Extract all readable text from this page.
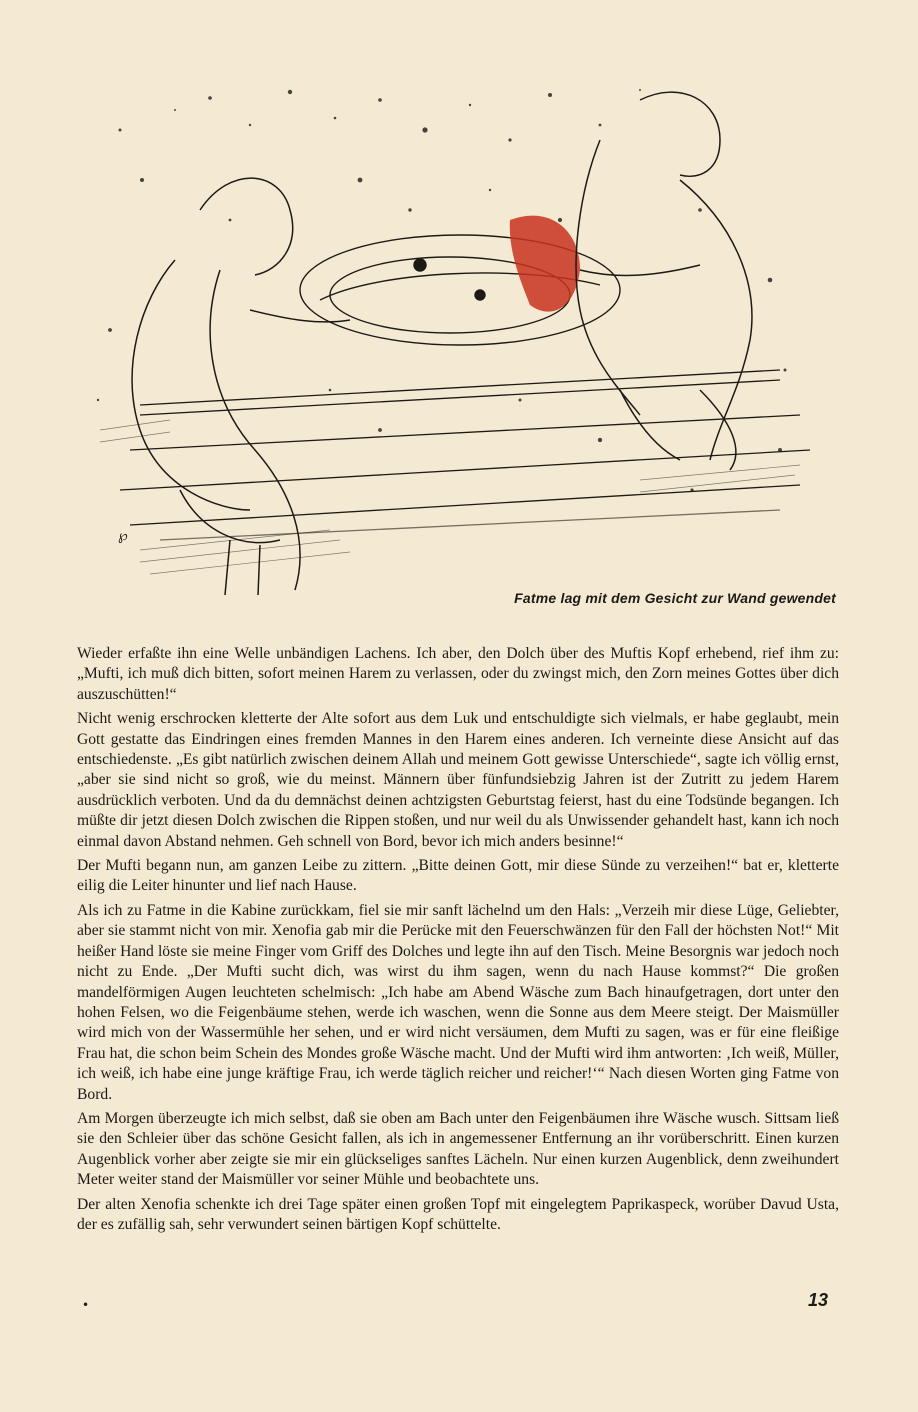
℘
Fatme lag mit dem Gesicht zur Wand gewendet

Wieder erfaßte ihn eine Welle unbändigen Lachens. Ich aber, den Dolch über des Muftis Kopf erhebend, rief ihm zu: „Mufti, ich muß dich bitten, sofort meinen Harem zu verlassen, oder du zwingst mich, den Zorn meines Gottes über dich auszuschütten!“

Nicht wenig erschrocken kletterte der Alte sofort aus dem Luk und entschuldigte sich vielmals, er habe geglaubt, mein Gott gestatte das Eindringen eines fremden Mannes in den Harem eines anderen. Ich verneinte diese Ansicht auf das entschiedenste. „Es gibt natürlich zwischen deinem Allah und meinem Gott gewisse Unterschiede“, sagte ich völlig ernst, „aber sie sind nicht so groß, wie du meinst. Männern über fünfundsiebzig Jahren ist der Zutritt zu jedem Harem ausdrücklich verboten. Und da du demnächst deinen achtzigsten Geburtstag feierst, hast du eine Todsünde begangen. Ich müßte dir jetzt diesen Dolch zwischen die Rippen stoßen, und nur weil du als Unwissender gehandelt hast, kann ich noch einmal davon Abstand nehmen. Geh schnell von Bord, bevor ich mich anders besinne!“

Der Mufti begann nun, am ganzen Leibe zu zittern. „Bitte deinen Gott, mir diese Sünde zu verzeihen!“ bat er, kletterte eilig die Leiter hinunter und lief nach Hause.

Als ich zu Fatme in die Kabine zurückkam, fiel sie mir sanft lächelnd um den Hals: „Verzeih mir diese Lüge, Geliebter, aber sie stammt nicht von mir. Xenofia gab mir die Perücke mit den Feuerschwänzen für den Fall der höchsten Not!“ Mit heißer Hand löste sie meine Finger vom Griff des Dolches und legte ihn auf den Tisch. Meine Besorgnis war jedoch noch nicht zu Ende. „Der Mufti sucht dich, was wirst du ihm sagen, wenn du nach Hause kommst?“ Die großen mandelförmigen Augen leuchteten schelmisch: „Ich habe am Abend Wäsche zum Bach hinaufgetragen, dort unter den hohen Felsen, wo die Feigenbäume stehen, werde ich waschen, wenn die Sonne aus dem Meere steigt. Der Maismüller wird mich von der Wassermühle her sehen, und er wird nicht versäumen, dem Mufti zu sagen, was er für eine fleißige Frau hat, die schon beim Schein des Mondes große Wäsche macht. Und der Mufti wird ihm antworten: ‚Ich weiß, Müller, ich weiß, ich habe eine junge kräftige Frau, ich werde täglich reicher und reicher!‘“ Nach diesen Worten ging Fatme von Bord.

Am Morgen überzeugte ich mich selbst, daß sie oben am Bach unter den Feigenbäumen ihre Wäsche wusch. Sittsam ließ sie den Schleier über das schöne Gesicht fallen, als ich in angemessener Entfernung an ihr vorüberschritt. Einen kurzen Augenblick vorher aber zeigte sie mir ein glückseliges sanftes Lächeln. Nur einen kurzen Augenblick, denn zweihundert Meter weiter stand der Maismüller vor seiner Mühle und beobachtete uns.

Der alten Xenofia schenkte ich drei Tage später einen großen Topf mit eingelegtem Paprikaspeck, worüber Davud Usta, der es zufällig sah, sehr verwundert seinen bärtigen Kopf schüttelte.

•	13
